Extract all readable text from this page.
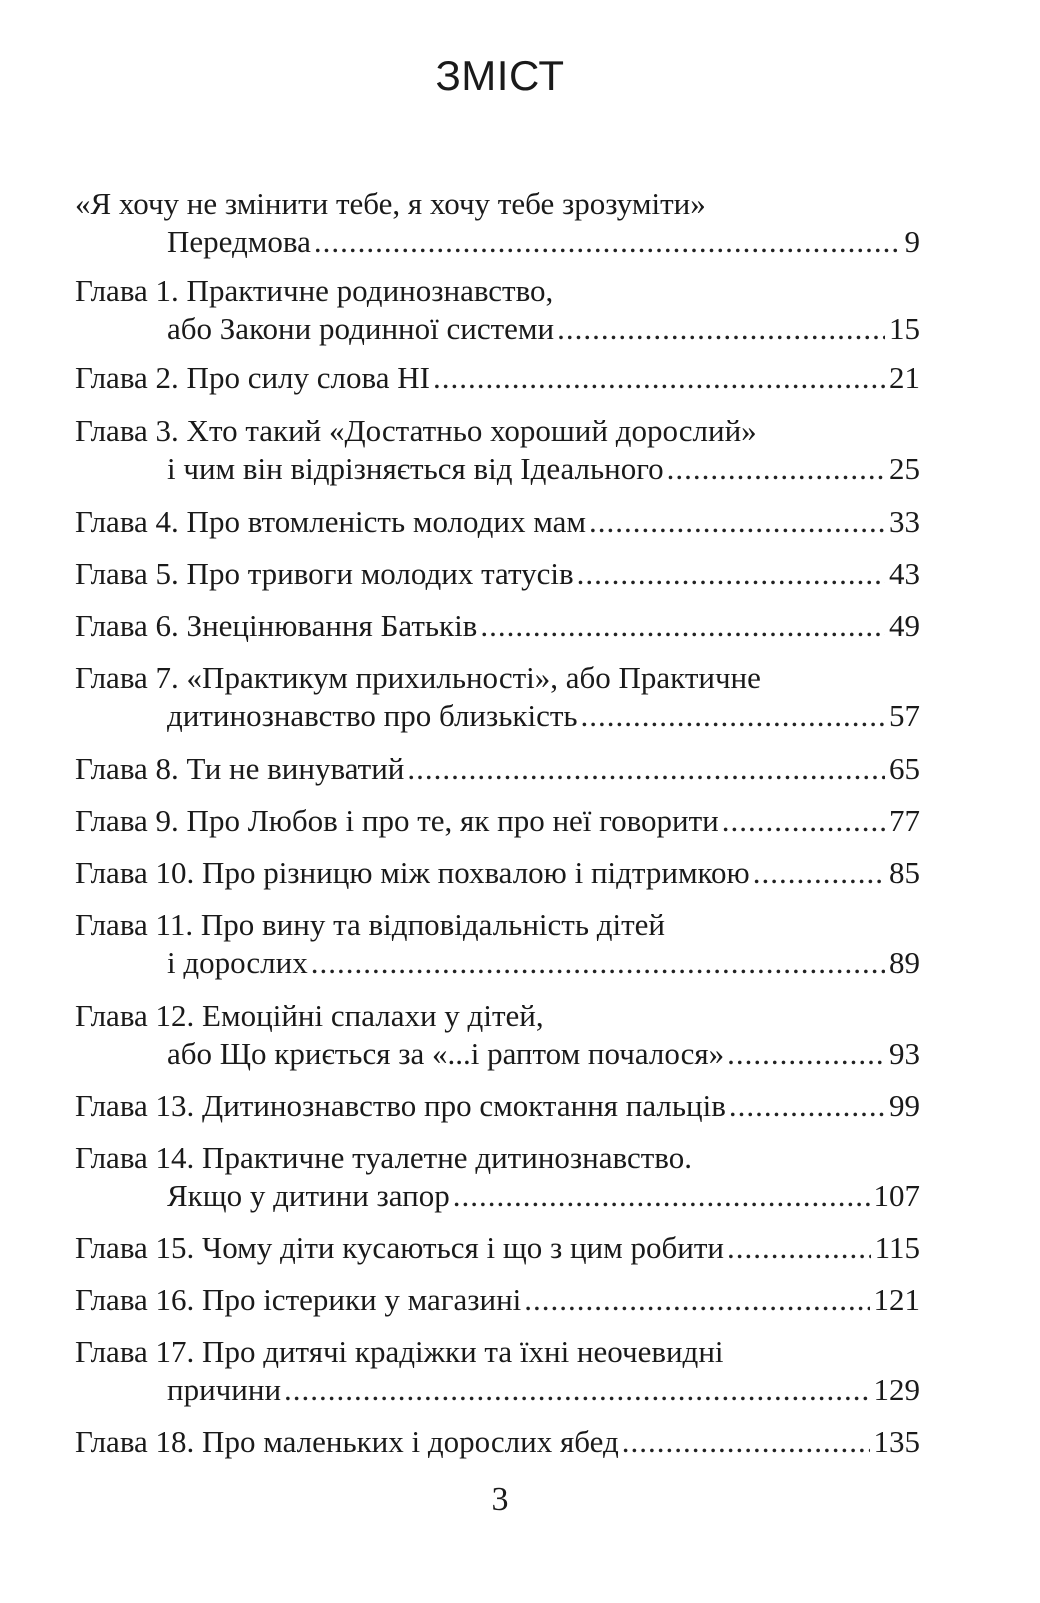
ЗМІСТ
«Я хочу не змінити тебе, я хочу тебе зрозуміти»
Передмова .....	9
Глава 1. Практичне родинознавство,
або Закони родинної системи .....	15
Глава 2. Про силу слова НІ .....	21
Глава 3. Хто такий «Достатньо хороший дорослий»
і чим він відрізняється від Ідеального .....	25
Глава 4. Про втомленість молодих мам .....	33
Глава 5. Про тривоги молодих татусів .....	43
Глава 6. Знецінювання Батьків .....	49
Глава 7. «Практикум прихильності», або Практичне
дитинознавство про близькість .....	57
Глава 8. Ти не винуватий .....	65
Глава 9. Про Любов і про те, як про неї говорити .....	77
Глава 10. Про різницю між похвалою і підтримкою .....	85
Глава 11. Про вину та відповідальність дітей
і дорослих .....	89
Глава 12. Емоційні спалахи у дітей,
або Що криється за «...і раптом почалося» .....	93
Глава 13. Дитинознавство про смоктання пальців .....	99
Глава 14. Практичне туалетне дитинознавство.
Якщо у дитини запор .....	107
Глава 15. Чому діти кусаються і що з цим робити .....	115
Глава 16. Про істерики у магазині .....	121
Глава 17. Про дитячі крадіжки та їхні неочевидні
причини .....	129
Глава 18. Про маленьких і дорослих ябед .....	135
3
